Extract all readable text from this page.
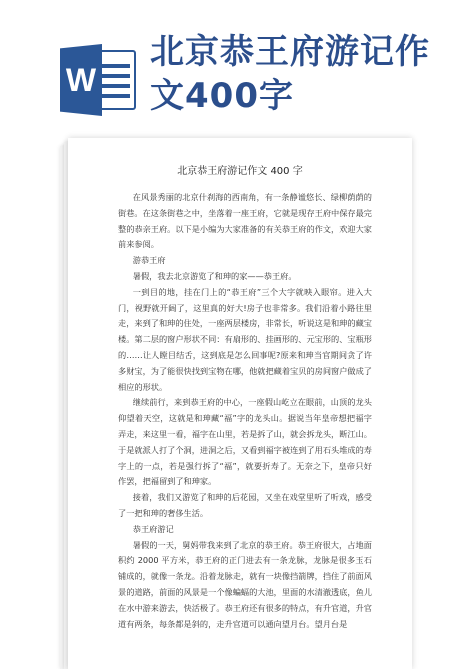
W
北京恭王府游记作
文400字
北京恭王府游记作文 400 字

在风景秀丽的北京什刹海的西南角，有一条静谧悠长、绿柳荫荫的街巷。在这条街巷之中，坐落着一座王府，它就是现存王府中保存最完整的恭亲王府。以下是小编为大家准备的有关恭王府的作文，欢迎大家前来参阅。

游恭王府

暑假，我去北京游览了和珅的家——恭王府。

一到目的地，挂在门上的“恭王府”三个大字就映入眼帘。进入大门，视野就开阔了，这里真的好大!房子也非常多。我们沿着小路往里走，来到了和珅的住处，一座两层楼房，非常长，听说这是和珅的藏宝楼。第二层的窗户形状不同：有扇形的、挂画形的、元宝形的、宝瓶形的……让人瞠目结舌，这到底是怎么回事呢?原来和珅当官期间贪了许多财宝，为了能很快找到宝物在哪，他就把藏着宝贝的房间窗户做成了相应的形状。

继续前行，来到恭王府的中心，一座假山屹立在眼前，山顶的龙头仰望着天空，这就是和珅藏“福”字的龙头山。据说当年皇帝想把福字弄走，来这里一看，福字在山里，若是拆了山，就会拆龙头，断江山。于是就派人打了个洞，进洞之后，又看到福字被连到了用石头堆成的寿字上的一点，若是强行拆了“福”，就要折寿了。无奈之下，皇帝只好作罢，把福留到了和珅家。

接着，我们又游览了和珅的后花园，又坐在戏堂里听了听戏，感受了一把和珅的奢侈生活。

恭王府游记

暑假的一天，舅妈带我来到了北京的恭王府。恭王府很大，占地面积约 2000 平方米，恭王府的正门进去有一条龙脉，龙脉是很多玉石铺成的，就像一条龙。沿着龙脉走，就有一块像挡箭牌，挡住了前面风景的道路，前面的风景是一个像蝙蝠的大池，里面的水清澈透底，鱼儿在水中游来游去，快活极了。恭王府还有很多的特点，有升官道，升官道有两条，每条都是斜的，走升官道可以通向望月台。望月台是
